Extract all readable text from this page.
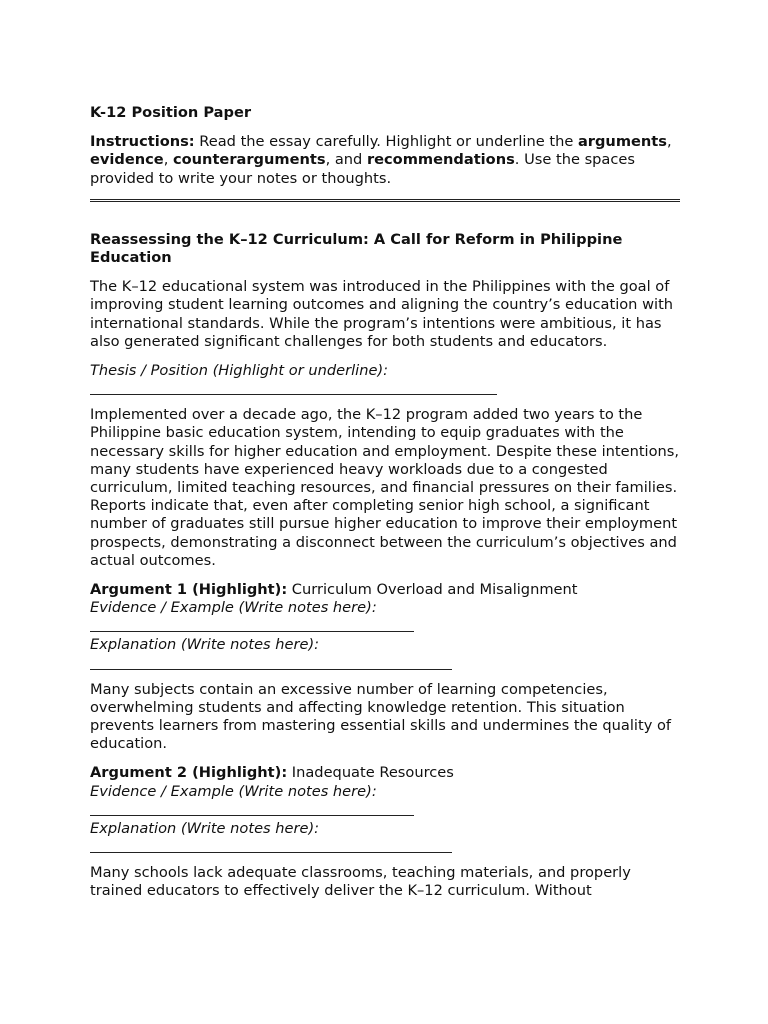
K-12 Position Paper

Instructions: Read the essay carefully. Highlight or underline the arguments, evidence, counterarguments, and recommendations. Use the spaces provided to write your notes or thoughts.

Reassessing the K–12 Curriculum: A Call for Reform in Philippine Education

The K–12 educational system was introduced in the Philippines with the goal of improving student learning outcomes and aligning the country’s education with international standards. While the program’s intentions were ambitious, it has also generated significant challenges for both students and educators.

Thesis / Position (Highlight or underline):

Implemented over a decade ago, the K–12 program added two years to the Philippine basic education system, intending to equip graduates with the necessary skills for higher education and employment. Despite these intentions, many students have experienced heavy workloads due to a congested curriculum, limited teaching resources, and financial pressures on their families. Reports indicate that, even after completing senior high school, a significant number of graduates still pursue higher education to improve their employment prospects, demonstrating a disconnect between the curriculum’s objectives and actual outcomes.

Argument 1 (Highlight): Curriculum Overload and Misalignment
Evidence / Example (Write notes here):
Explanation (Write notes here):

Many subjects contain an excessive number of learning competencies, overwhelming students and affecting knowledge retention. This situation prevents learners from mastering essential skills and undermines the quality of education.

Argument 2 (Highlight): Inadequate Resources
Evidence / Example (Write notes here):
Explanation (Write notes here):

Many schools lack adequate classrooms, teaching materials, and properly trained educators to effectively deliver the K–12 curriculum. Without
